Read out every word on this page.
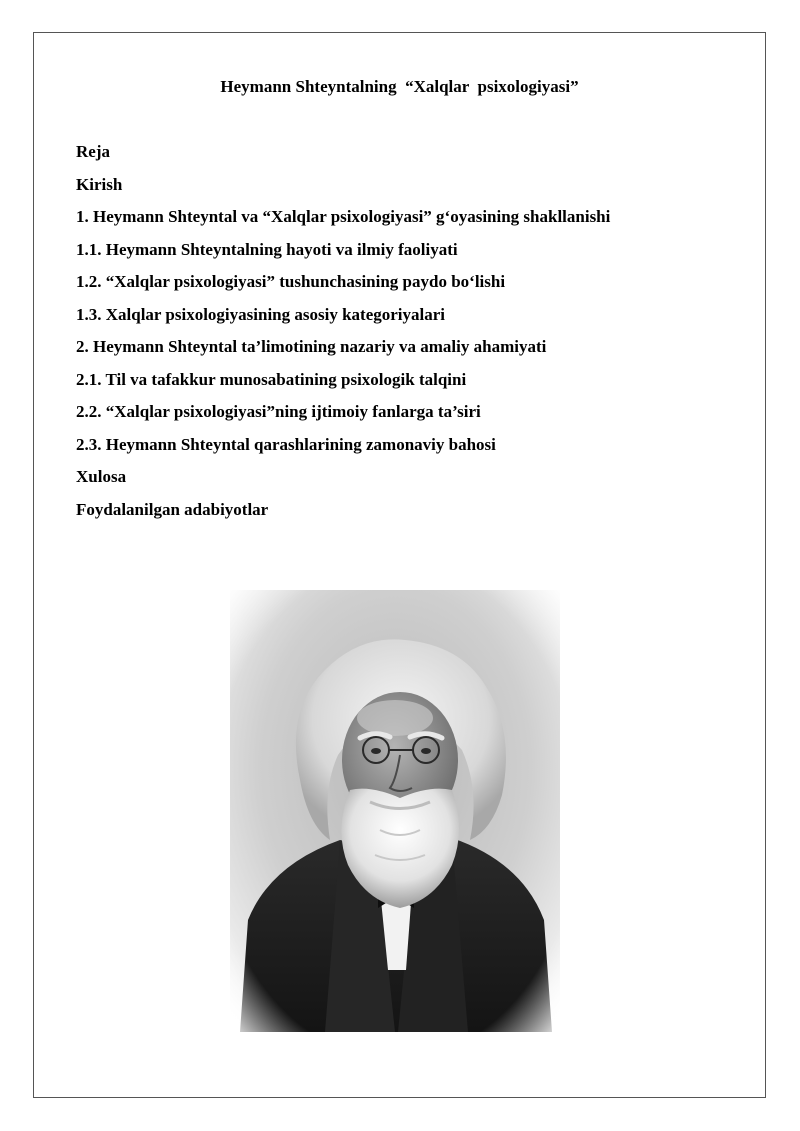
Heymann Shteyntalning  “Xalqlar  psixologiyasi”
Reja
Kirish
1. Heymann Shteyntal va “Xalqlar psixologiyasi” g‘oyasining shakllanishi
1.1. Heymann Shteyntalning hayoti va ilmiy faoliyati
1.2. “Xalqlar psixologiyasi” tushunchasining paydo bo‘lishi
1.3. Xalqlar psixologiyasining asosiy kategoriyalari
2. Heymann Shteyntal ta’limotining nazariy va amaliy ahamiyati
2.1. Til va tafakkur munosabatining psixologik talqini
2.2. “Xalqlar psixologiyasi”ning ijtimoiy fanlarga ta’siri
2.3. Heymann Shteyntal qarashlarining zamonaviy bahosi
Xulosa
Foydalanilgan adabiyotlar
